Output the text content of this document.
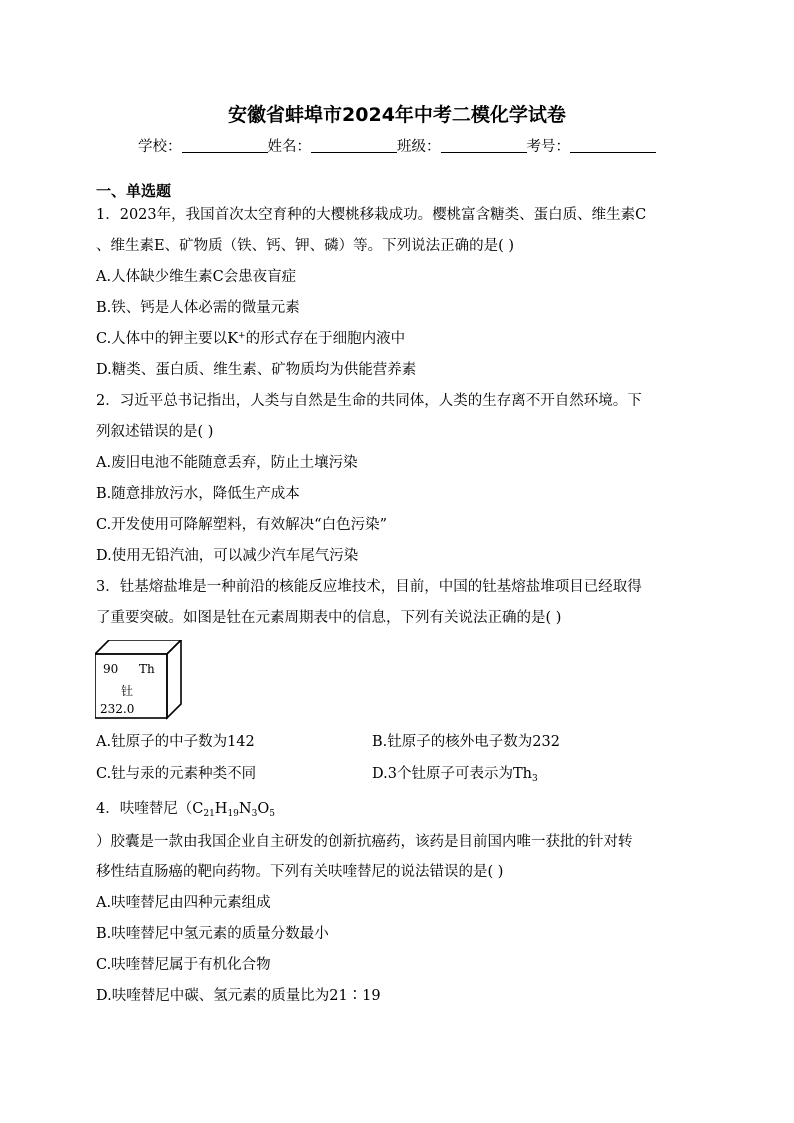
安徽省蚌埠市2024年中考二模化学试卷
学校：	姓名：	班级：	考号：
一、单选题
1．2023年，我国首次太空育种的大樱桃移栽成功。樱桃富含糖类、蛋白质、维生素C
、维生素E、矿物质（铁、钙、钾、磷）等。下列说法正确的是( )
A.人体缺少维生素C会患夜盲症
B.铁、钙是人体必需的微量元素
C.人体中的钾主要以K+的形式存在于细胞内液中
D.糖类、蛋白质、维生素、矿物质均为供能营养素
2．习近平总书记指出，人类与自然是生命的共同体，人类的生存离不开自然环境。下
列叙述错误的是( )
A.废旧电池不能随意丢弃，防止土壤污染
B.随意排放污水，降低生产成本
C.开发使用可降解塑料，有效解决“白色污染”
D.使用无铅汽油，可以减少汽车尾气污染
3．钍基熔盐堆是一种前沿的核能反应堆技术，目前，中国的钍基熔盐堆项目已经取得
了重要突破。如图是钍在元素周期表中的信息，下列有关说法正确的是( )
90 Th
钍
232.0
A.钍原子的中子数为142	B.钍原子的核外电子数为232
C.钍与汞的元素种类不同	D.3个钍原子可表示为$Th_3$
4．呋喹替尼（$C_{21}H_{19}N_3O_5$
）胶囊是一款由我国企业自主研发的创新抗癌药，该药是目前国内唯一获批的针对转
移性结直肠癌的靶向药物。下列有关呋喹替尼的说法错误的是( )
A.呋喹替尼由四种元素组成
B.呋喹替尼中氢元素的质量分数最小
C.呋喹替尼属于有机化合物
D.呋喹替尼中碳、氢元素的质量比为21∶19
